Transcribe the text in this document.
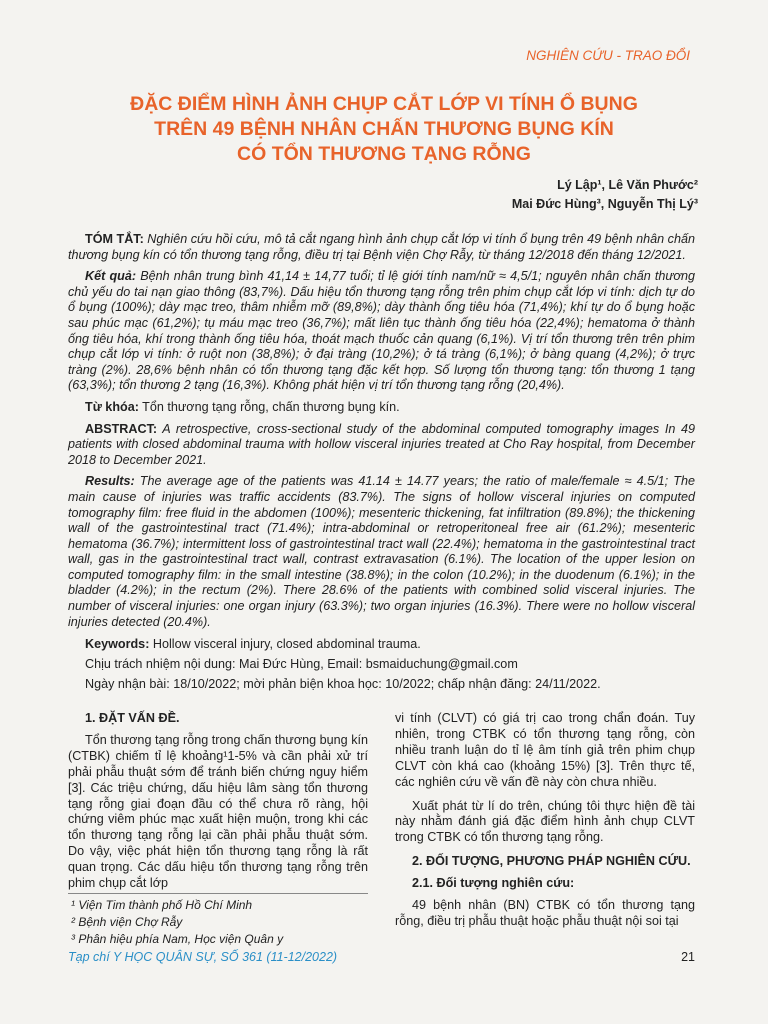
NGHIÊN CỨU - TRAO ĐỔI
ĐẶC ĐIỂM HÌNH ẢNH CHỤP CẮT LỚP VI TÍNH Ổ BỤNG
TRÊN 49 BỆNH NHÂN CHẤN THƯƠNG BỤNG KÍN
CÓ TỔN THƯƠNG TẠNG RỖNG
Lý Lập¹, Lê Văn Phước²
Mai Đức Hùng³, Nguyễn Thị Lý³

TÓM TẮT: Nghiên cứu hồi cứu, mô tả cắt ngang hình ảnh chụp cắt lớp vi tính ổ bụng trên 49 bệnh nhân chấn thương bụng kín có tổn thương tạng rỗng, điều trị tại Bệnh viện Chợ Rẫy, từ tháng 12/2018 đến tháng 12/2021.

Kết quả: Bệnh nhân trung bình 41,14 ± 14,77 tuổi; tỉ lệ giới tính nam/nữ ≈ 4,5/1; nguyên nhân chấn thương chủ yếu do tai nạn giao thông (83,7%). Dấu hiệu tổn thương tạng rỗng trên phim chụp cắt lớp vi tính: dịch tự do ổ bụng (100%); dày mạc treo, thâm nhiễm mỡ (89,8%); dày thành ống tiêu hóa (71,4%); khí tự do ổ bụng hoặc sau phúc mạc (61,2%); tụ máu mạc treo (36,7%); mất liên tục thành ống tiêu hóa (22,4%); hematoma ở thành ống tiêu hóa, khí trong thành ống tiêu hóa, thoát mạch thuốc cản quang (6,1%). Vị trí tổn thương trên trên phim chụp cắt lớp vi tính: ở ruột non (38,8%); ở đại tràng (10,2%); ở tá tràng (6,1%); ở bàng quang (4,2%); ở trực tràng (2%). 28,6% bệnh nhân có tổn thương tạng đặc kết hợp. Số lượng tổn thương tạng: tổn thương 1 tạng (63,3%); tổn thương 2 tạng (16,3%). Không phát hiện vị trí tổn thương tạng rỗng (20,4%).

Từ khóa: Tổn thương tạng rỗng, chấn thương bụng kín.

ABSTRACT: A retrospective, cross-sectional study of the abdominal computed tomography images In 49 patients with closed abdominal trauma with hollow visceral injuries treated at Cho Ray hospital, from December 2018 to December 2021.

Results: The average age of the patients was 41.14 ± 14.77 years; the ratio of male/female ≈ 4.5/1; The main cause of injuries was traffic accidents (83.7%). The signs of hollow visceral injuries on computed tomography film: free fluid in the abdomen (100%); mesenteric thickening, fat infiltration (89.8%); the thickening wall of the gastrointestinal tract (71.4%); intra-abdominal or retroperitoneal free air (61.2%); mesenteric hematoma (36.7%); intermittent loss of gastrointestinal tract wall (22.4%); hematoma in the gastrointestinal tract wall, gas in the gastrointestinal tract wall, contrast extravasation (6.1%). The location of the upper lesion on computed tomography film: in the small intestine (38.8%); in the colon (10.2%); in the duodenum (6.1%); in the bladder (4.2%); in the rectum (2%). There 28.6% of the patients with combined solid visceral injuries. The number of visceral injuries: one organ injury (63.3%); two organ injuries (16.3%). There were no hollow visceral injuries detected (20.4%).

Keywords: Hollow visceral injury, closed abdominal trauma.

Chịu trách nhiệm nội dung: Mai Đức Hùng, Email: bsmaiduchung@gmail.com

Ngày nhận bài: 18/10/2022; mời phản biện khoa học: 10/2022; chấp nhận đăng: 24/11/2022.

1. ĐẶT VẤN ĐỀ.

Tổn thương tạng rỗng trong chấn thương bụng kín (CTBK) chiếm tỉ lệ khoảng¹1-5% và cần phải xử trí phải phẫu thuật sớm để tránh biến chứng nguy hiểm [3]. Các triệu chứng, dấu hiệu lâm sàng tổn thương tạng rỗng giai đoạn đầu có thể chưa rõ ràng, hội chứng viêm phúc mạc xuất hiện muộn, trong khi các tổn thương tạng rỗng lại cần phải phẫu thuật sớm. Do vậy, việc phát hiện tổn thương tạng rỗng là rất quan trọng. Các dấu hiệu tổn thương tạng rỗng trên phim chụp cắt lớp

vi tính (CLVT) có giá trị cao trong chẩn đoán. Tuy nhiên, trong CTBK có tổn thương tạng rỗng, còn nhiều tranh luận do tỉ lệ âm tính giả trên phim chụp CLVT còn khá cao (khoảng 15%) [3]. Trên thực tế, các nghiên cứu về vấn đề này còn chưa nhiều.

Xuất phát từ lí do trên, chúng tôi thực hiện đề tài này nhằm đánh giá đặc điểm hình ảnh chụp CLVT trong CTBK có tổn thương tạng rỗng.

2. ĐỐI TƯỢNG, PHƯƠNG PHÁP NGHIÊN CỨU.
2.1. Đối tượng nghiên cứu:

49 bệnh nhân (BN) CTBK có tổn thương tạng rỗng, điều trị phẫu thuật hoặc phẫu thuật nội soi tại

¹ Viện Tim thành phố Hồ Chí Minh
² Bệnh viện Chợ Rẫy
³ Phân hiệu phía Nam, Học viện Quân y
Tạp chí Y HỌC QUÂN SỰ, SỐ 361 (11-12/2022)	21
